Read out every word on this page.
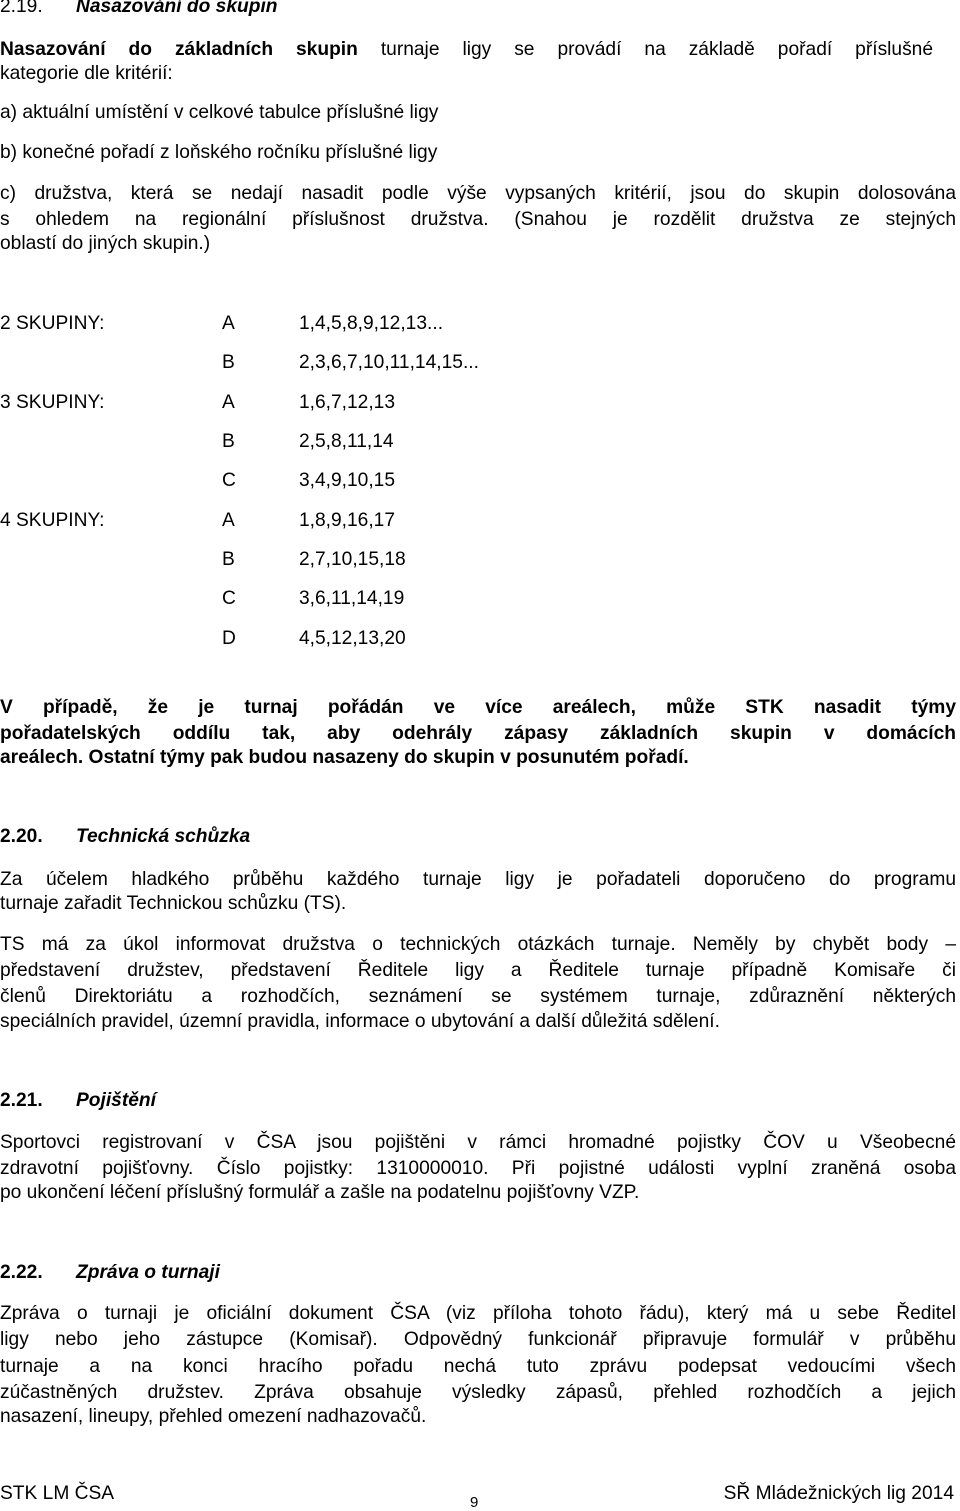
2.19. Nasazování do skupin
Nasazování do základních skupin turnaje ligy se provádí na základě pořadí příslušné
kategorie dle kritérií:
a) aktuální umístění v celkové tabulce příslušné ligy
b) konečné pořadí z loňského ročníku příslušné ligy
c) družstva, která se nedají nasadit podle výše vypsaných kritérií, jsou do skupin dolosována
s ohledem na regionální příslušnost družstva. (Snahou je rozdělit družstva ze stejných
oblastí do jiných skupin.)
2 SKUPINY:	A	1,4,5,8,9,12,13...
B	2,3,6,7,10,11,14,15...
3 SKUPINY:	A	1,6,7,12,13
B	2,5,8,11,14
C	3,4,9,10,15
4 SKUPINY:	A	1,8,9,16,17
B	2,7,10,15,18
C	3,6,11,14,19
D	4,5,12,13,20
V případě, že je turnaj pořádán ve více areálech, může STK nasadit týmy
pořadatelských oddílu tak, aby odehrály zápasy základních skupin v domácích
areálech. Ostatní týmy pak budou nasazeny do skupin v posunutém pořadí.
2.20. Technická schůzka
Za účelem hladkého průběhu každého turnaje ligy je pořadateli doporučeno do programu
turnaje zařadit Technickou schůzku (TS).
TS má za úkol informovat družstva o technických otázkách turnaje. Neměly by chybět body –
představení družstev, představení Ředitele ligy a Ředitele turnaje případně Komisaře či
členů Direktoriátu a rozhodčích, seznámení se systémem turnaje, zdůraznění některých
speciálních pravidel, územní pravidla, informace o ubytování a další důležitá sdělení.
2.21. Pojištění
Sportovci registrovaní v ČSA jsou pojištěni v rámci hromadné pojistky ČOV u Všeobecné
zdravotní pojišťovny. Číslo pojistky: 1310000010. Při pojistné události vyplní zraněná osoba
po ukončení léčení příslušný formulář a zašle na podatelnu pojišťovny VZP.
2.22. Zpráva o turnaji
Zpráva o turnaji je oficiální dokument ČSA (viz příloha tohoto řádu), který má u sebe Ředitel
ligy nebo jeho zástupce (Komisař). Odpovědný funkcionář připravuje formulář v průběhu
turnaje a na konci hracího pořadu nechá tuto zprávu podepsat vedoucími všech
zúčastněných družstev. Zpráva obsahuje výsledky zápasů, přehled rozhodčích a jejich
nasazení, lineupy, přehled omezení nadhazovačů.
STK LM ČSA	9	SŘ Mládežnických lig 2014
